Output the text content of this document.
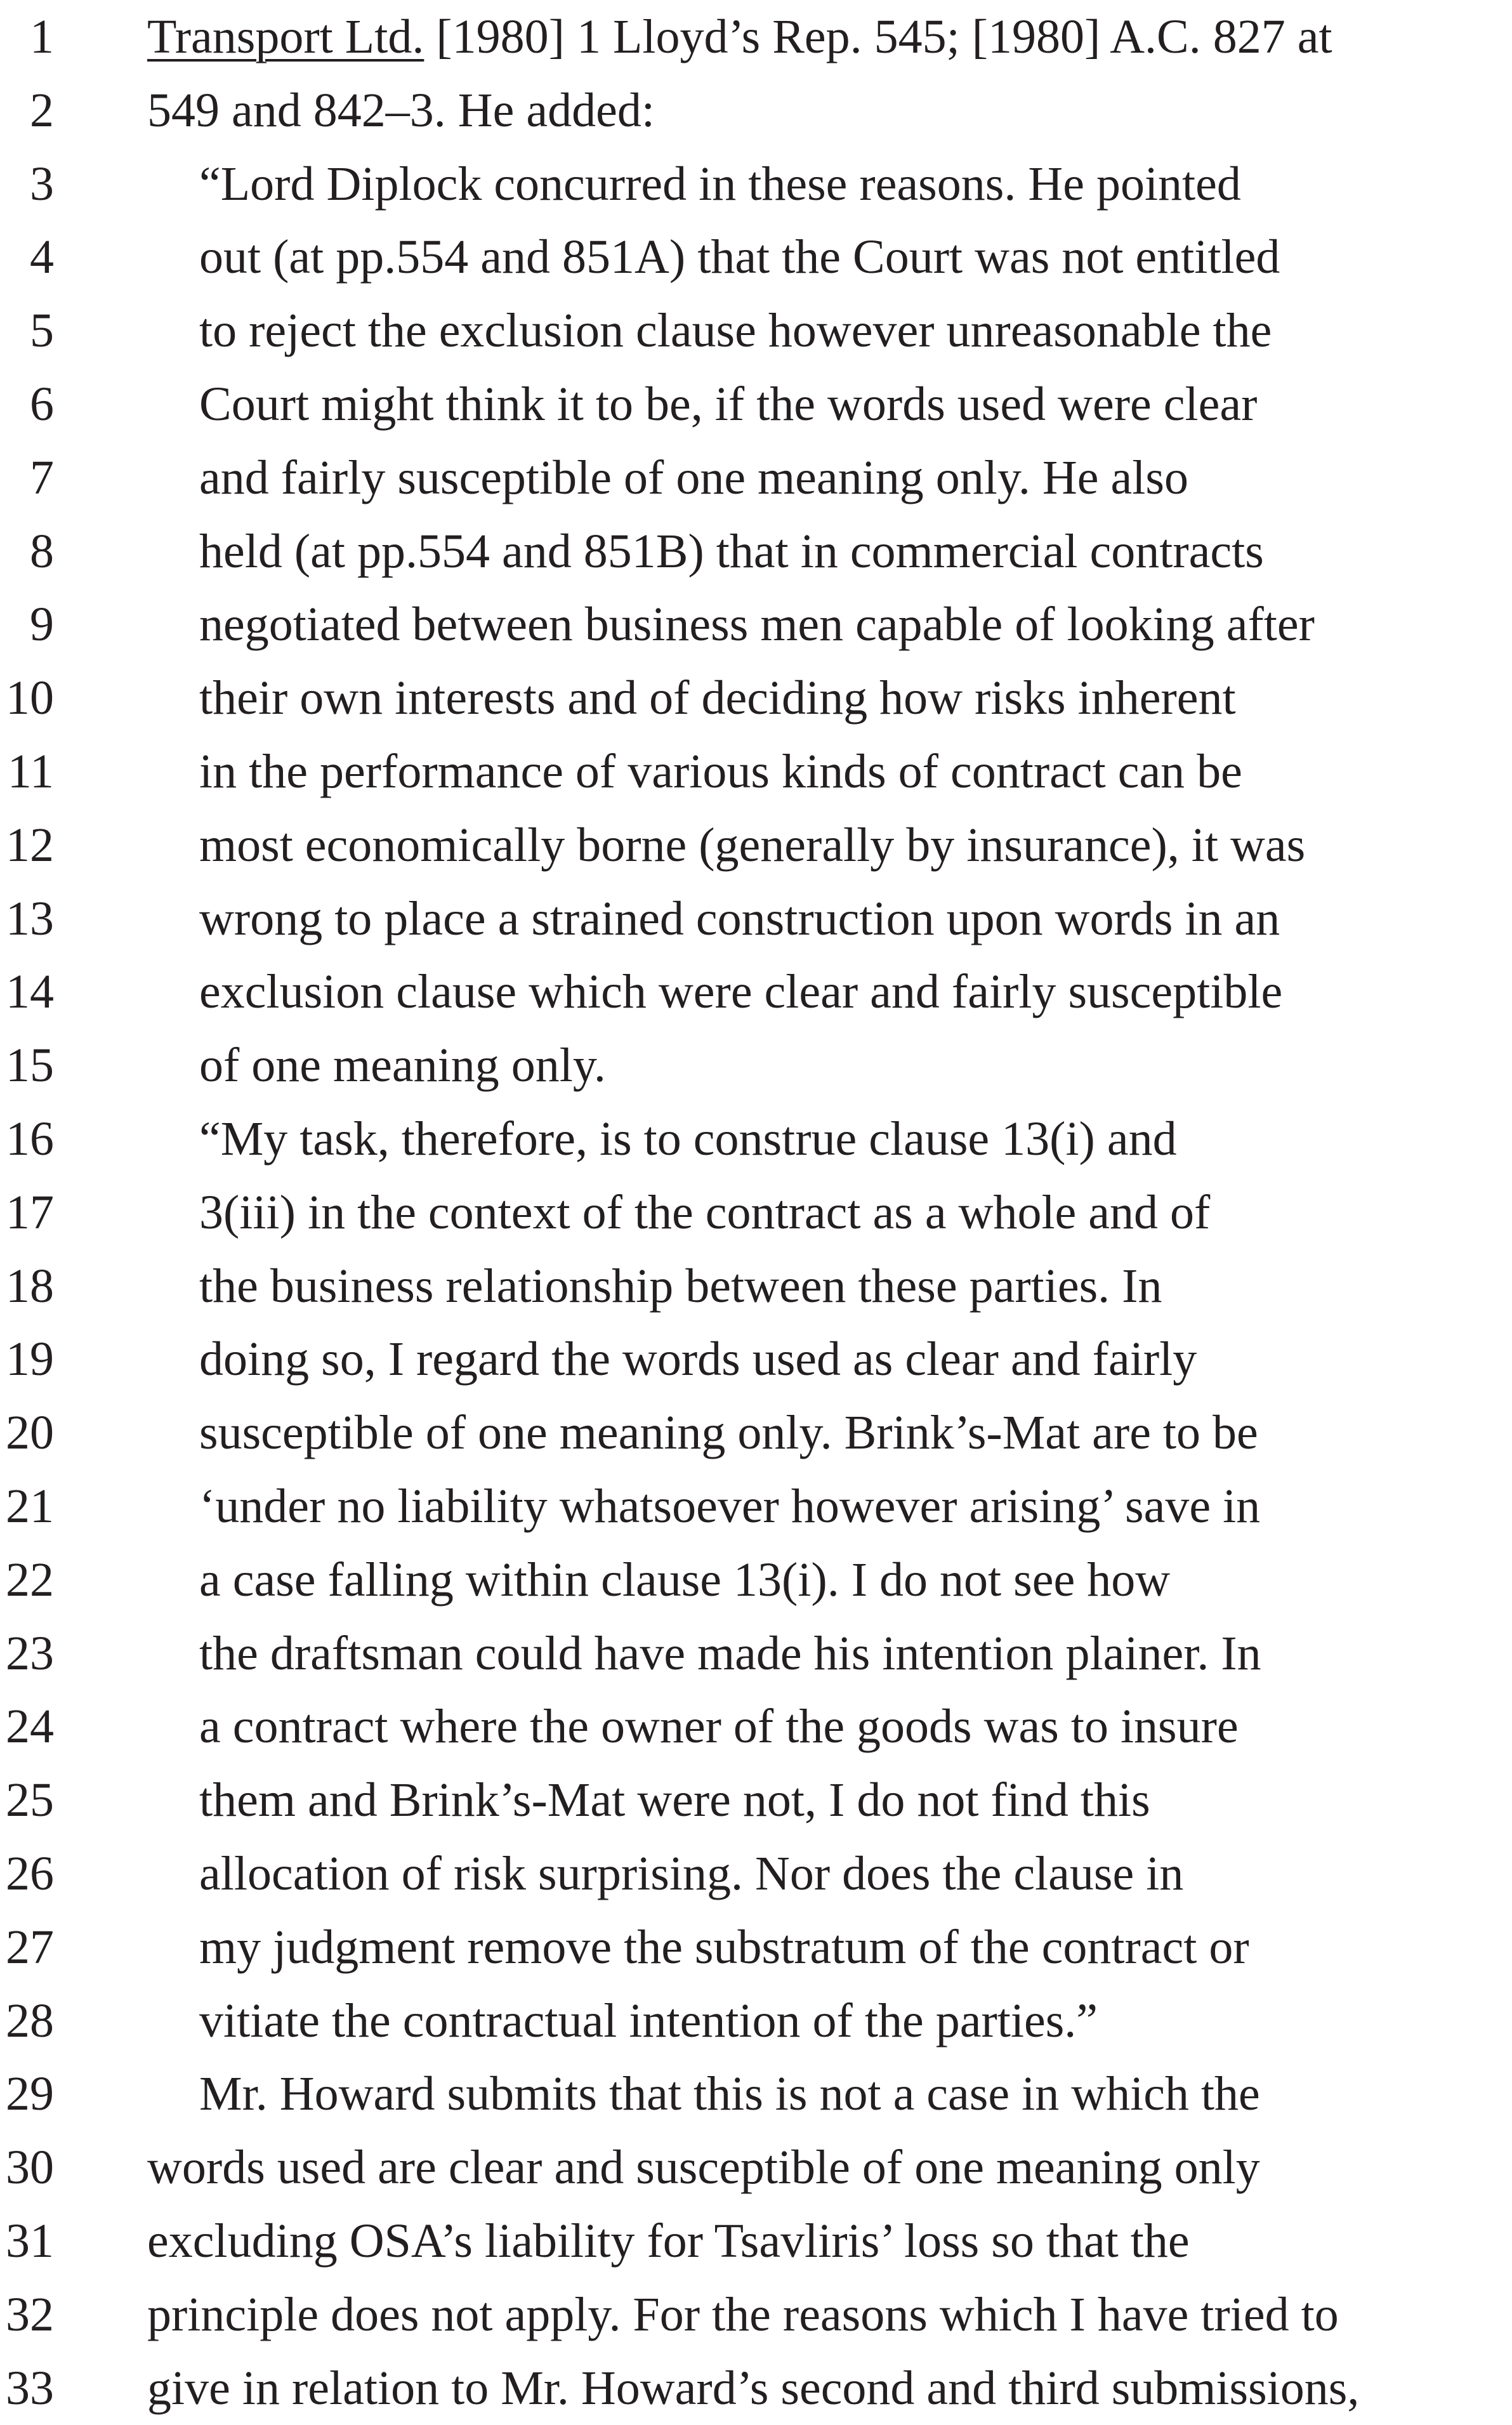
1 Transport Ltd. [1980] 1 Lloyd’s Rep. 545; [1980] A.C. 827 at
2 549 and 842–3. He added:
3	“Lord Diplock concurred in these reasons. He pointed
4	out (at pp.554 and 851A) that the Court was not entitled
5	to reject the exclusion clause however unreasonable the
6	Court might think it to be, if the words used were clear
7	and fairly susceptible of one meaning only. He also
8	held (at pp.554 and 851B) that in commercial contracts
9	negotiated between business men capable of looking after
10	their own interests and of deciding how risks inherent
11	in the performance of various kinds of contract can be
12	most economically borne (generally by insurance), it was
13	wrong to place a strained construction upon words in an
14	exclusion clause which were clear and fairly susceptible
15	of one meaning only.
16	“My task, therefore, is to construe clause 13(i) and
17	3(iii) in the context of the contract as a whole and of
18	the business relationship between these parties. In
19	doing so, I regard the words used as clear and fairly
20	susceptible of one meaning only. Brink’s-Mat are to be
21	‘under no liability whatsoever however arising’ save in
22	a case falling within clause 13(i). I do not see how
23	the draftsman could have made his intention plainer. In
24	a contract where the owner of the goods was to insure
25	them and Brink’s-Mat were not, I do not find this
26	allocation of risk surprising. Nor does the clause in
27	my judgment remove the substratum of the contract or
28	vitiate the contractual intention of the parties.”
29	Mr. Howard submits that this is not a case in which the
30 words used are clear and susceptible of one meaning only
31 excluding OSA’s liability for Tsavliris’ loss so that the
32 principle does not apply. For the reasons which I have tried to
33 give in relation to Mr. Howard’s second and third submissions,
